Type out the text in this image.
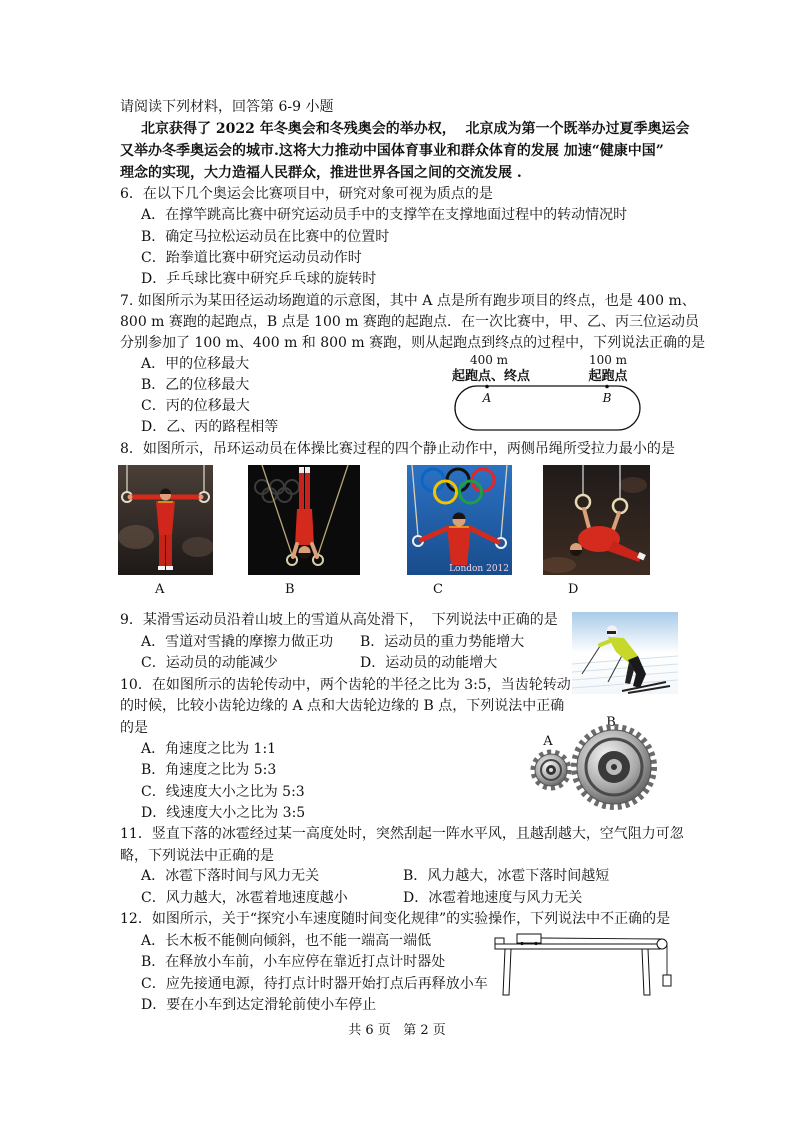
请阅读下列材料，回答第 6-9 小题
北京获得了 2022 年冬奥会和冬残奥会的举办权，  北京成为第一个既举办过夏季奥运会
又举办冬季奥运会的城市.这将大力推动中国体育事业和群众体育的发展 加速“健康中国”
理念的实现，大力造福人民群众，推进世界各国之间的交流发展 .
6．在以下几个奥运会比赛项目中，研究对象可视为质点的是
A．在撑竿跳高比赛中研究运动员手中的支撑竿在支撑地面过程中的转动情况时
B．确定马拉松运动员在比赛中的位置时
C．跆拳道比赛中研究运动员动作时
D．乒乓球比赛中研究乒乓球的旋转时
7. 如图所示为某田径运动场跑道的示意图，其中 A 点是所有跑步项目的终点，也是 400 m、
800 m 赛跑的起跑点，B 点是 100 m 赛跑的起跑点．在一次比赛中，甲、乙、丙三位运动员
分别参加了 100 m、400 m 和 800 m 赛跑，则从起跑点到终点的过程中，下列说法正确的是
A．甲的位移最大
B．乙的位移最大
C．丙的位移最大
D．乙、丙的路程相等
400 m
起跑点、终点
100 m
起跑点
A	B
8．如图所示，吊环运动员在体操比赛过程的四个静止动作中，两侧吊绳所受拉力最小的是
London 2012
A	B	C	D
9．某滑雪运动员沿着山坡上的雪道从高处滑下，  下列说法中正确的是
A．雪道对雪撬的摩擦力做正功 B．运动员的重力势能增大
C．运动员的动能减少	D．运动员的动能增大
10．在如图所示的齿轮传动中，两个齿轮的半径之比为 3:5，当齿轮转动
的时候，比较小齿轮边缘的 A 点和大齿轮边缘的 B 点，下列说法中正确
的是
A．角速度之比为 1:1
B．角速度之比为 5:3
C．线速度大小之比为 5:3
D．线速度大小之比为 3:5
A
B
11．竖直下落的冰雹经过某一高度处时，突然刮起一阵水平风，且越刮越大，空气阻力可忽
略，下列说法中正确的是
A．冰雹下落时间与风力无关	B．风力越大，冰雹下落时间越短
C．风力越大，冰雹着地速度越小	D．冰雹着地速度与风力无关
12．如图所示，关于“探究小车速度随时间变化规律”的实验操作，下列说法中不正确的是
A．长木板不能侧向倾斜，也不能一端高一端低
B．在释放小车前，小车应停在靠近打点计时器处
C．应先接通电源，待打点计时器开始打点后再释放小车
D．要在小车到达定滑轮前使小车停止
共 6 页   第 2 页
